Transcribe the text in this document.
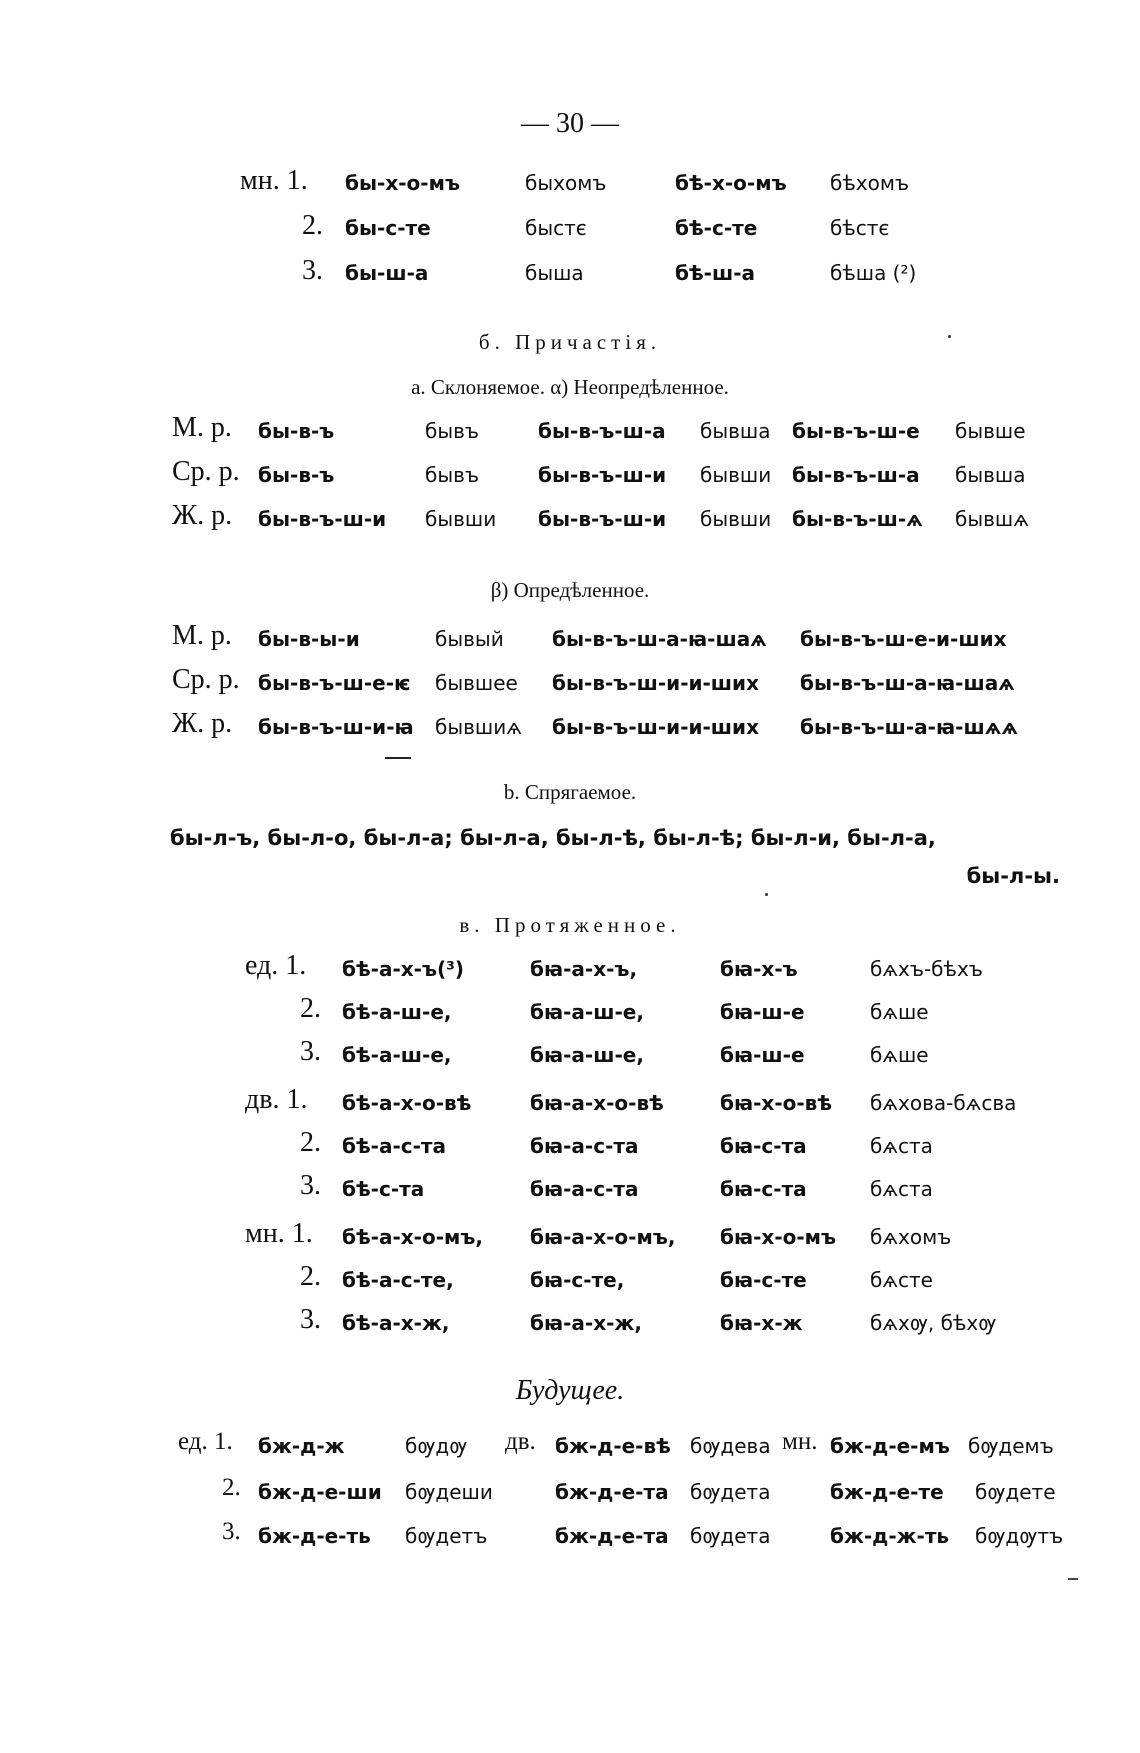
— 30 —
мн. 1. бы-х-о-мъ	быхомъ	бѣ-х-о-мъ бѣхомъ
2. бы-с-те	быстє	бѣ-с-те	бѣстє
3. бы-ш-а	быша	бѣ-ш-а	бѣша (²)
б. Причастія.
а. Склоняемое. α) Неопредѣленное.
М. р. бы-в-ъ	бывъ	бы-в-ъ-ш-а бывша бы-в-ъ-ш-е бывше
Ср. р. бы-в-ъ	бывъ	бы-в-ъ-ш-и бывши бы-в-ъ-ш-а бывша
Ж. р. бы-в-ъ-ш-и бывши бы-в-ъ-ш-и бывши бы-в-ъ-ш-ѧ бывшѧ
β) Опредѣленное.
М. р. бы-в-ы-и	бывый бы-в-ъ-ш-а-ꙗ-шаѧ бы-в-ъ-ш-е-и-ших
Ср. р. бы-в-ъ-ш-е-ѥ бывшее бы-в-ъ-ш-и-и-ших бы-в-ъ-ш-а-ꙗ-шаѧ
Ж. р. бы-в-ъ-ш-и-ꙗ бывшиѧ бы-в-ъ-ш-и-и-ших бы-в-ъ-ш-а-ꙗ-шѧѧ
b. Спрягаемое.
бы-л-ъ, бы-л-о, бы-л-а; бы-л-а, бы-л-ѣ, бы-л-ѣ; бы-л-и, бы-л-а,
бы-л-ы.
в. Протяженное.
ед. 1. бѣ-а-х-ъ(³)	бꙗ-а-х-ъ,	бꙗ-х-ъ	бѧхъ-бѣхъ
2. бѣ-а-ш-е,	бꙗ-а-ш-е,	бꙗ-ш-е	бѧше
3. бѣ-а-ш-е,	бꙗ-а-ш-е,	бꙗ-ш-е	бѧше
дв. 1. бѣ-а-х-о-вѣ	бꙗ-а-х-о-вѣ	бꙗ-х-о-вѣ бѧхова-бѧсва
2. бѣ-а-с-та	бꙗ-а-с-та	бꙗ-с-та	бѧста
3. бѣ-с-та	бꙗ-а-с-та	бꙗ-с-та	бѧста
мн. 1. бѣ-а-х-о-мъ, бꙗ-а-х-о-мъ, бꙗ-х-о-мъ бѧхомъ
2. бѣ-а-с-те,	бꙗ-с-те,	бꙗ-с-те	бѧсте
3. бѣ-а-х-ж,	бꙗ-а-х-ж,	бꙗ-х-ж	бѧхѹ, бѣхѹ
Будущее.
ед. 1. бж-д-ж	бѹдѹ дв. бж-д-е-вѣ бѹдева мн. бж-д-е-мъ бѹдемъ
2. бж-д-е-ши бѹдеши	бж-д-е-та бѹдета	бж-д-е-те бѹдете
3. бж-д-е-ть бѹдетъ	бж-д-е-та бѹдета	бж-д-ж-ть бѹдѹтъ
